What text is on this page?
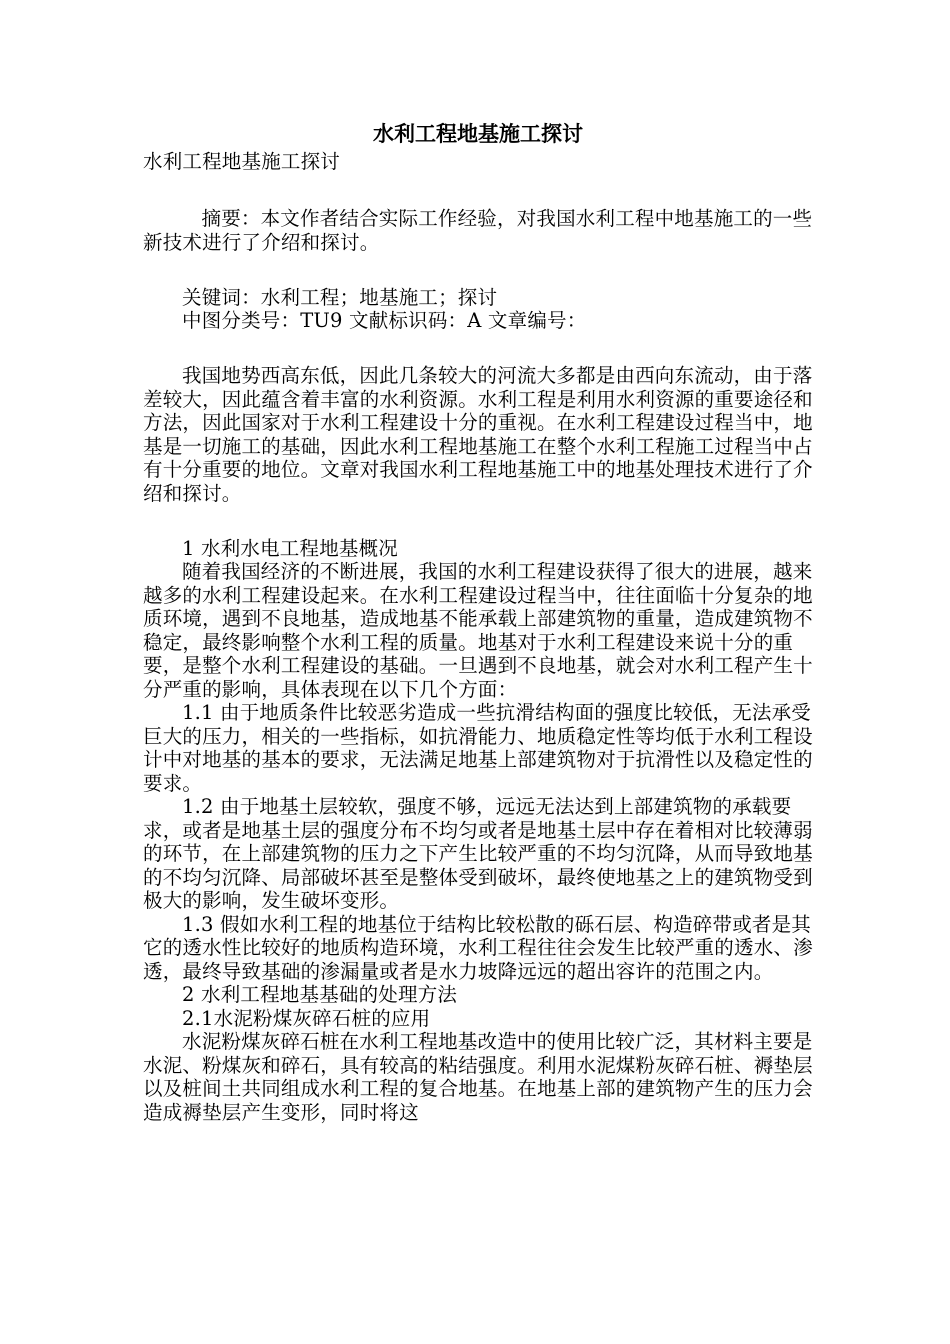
水利工程地基施工探讨

水利工程地基施工探讨

摘要：本文作者结合实际工作经验，对我国水利工程中地基施工的一些新技术进行了介绍和探讨。

关键词：水利工程；地基施工；探讨

中图分类号：TU9 文献标识码：A 文章编号：

我国地势西高东低，因此几条较大的河流大多都是由西向东流动，由于落差较大，因此蕴含着丰富的水利资源。水利工程是利用水利资源的重要途径和方法，因此国家对于水利工程建设十分的重视。在水利工程建设过程当中，地基是一切施工的基础，因此水利工程地基施工在整个水利工程施工过程当中占有十分重要的地位。文章对我国水利工程地基施工中的地基处理技术进行了介绍和探讨。

1 水利水电工程地基概况

随着我国经济的不断进展，我国的水利工程建设获得了很大的进展，越来越多的水利工程建设起来。在水利工程建设过程当中，往往面临十分复杂的地质环境，遇到不良地基，造成地基不能承载上部建筑物的重量，造成建筑物不稳定，最终影响整个水利工程的质量。地基对于水利工程建设来说十分的重要，是整个水利工程建设的基础。一旦遇到不良地基，就会对水利工程产生十分严重的影响，具体表现在以下几个方面：

1.1 由于地质条件比较恶劣造成一些抗滑结构面的强度比较低，无法承受巨大的压力，相关的一些指标，如抗滑能力、地质稳定性等均低于水利工程设计中对地基的基本的要求，无法满足地基上部建筑物对于抗滑性以及稳定性的要求。

1.2 由于地基土层较软，强度不够，远远无法达到上部建筑物的承载要求，或者是地基土层的强度分布不均匀或者是地基土层中存在着相对比较薄弱的环节，在上部建筑物的压力之下产生比较严重的不均匀沉降，从而导致地基的不均匀沉降、局部破坏甚至是整体受到破坏，最终使地基之上的建筑物受到极大的影响，发生破坏变形。

1.3 假如水利工程的地基位于结构比较松散的砾石层、构造碎带或者是其它的透水性比较好的地质构造环境，水利工程往往会发生比较严重的透水、渗透，最终导致基础的渗漏量或者是水力坡降远远的超出容许的范围之内。

2 水利工程地基基础的处理方法

2.1水泥粉煤灰碎石桩的应用

水泥粉煤灰碎石桩在水利工程地基改造中的使用比较广泛，其材料主要是水泥、粉煤灰和碎石，具有较高的粘结强度。利用水泥煤粉灰碎石桩、褥垫层以及桩间土共同组成水利工程的复合地基。在地基上部的建筑物产生的压力会造成褥垫层产生变形，同时将这
